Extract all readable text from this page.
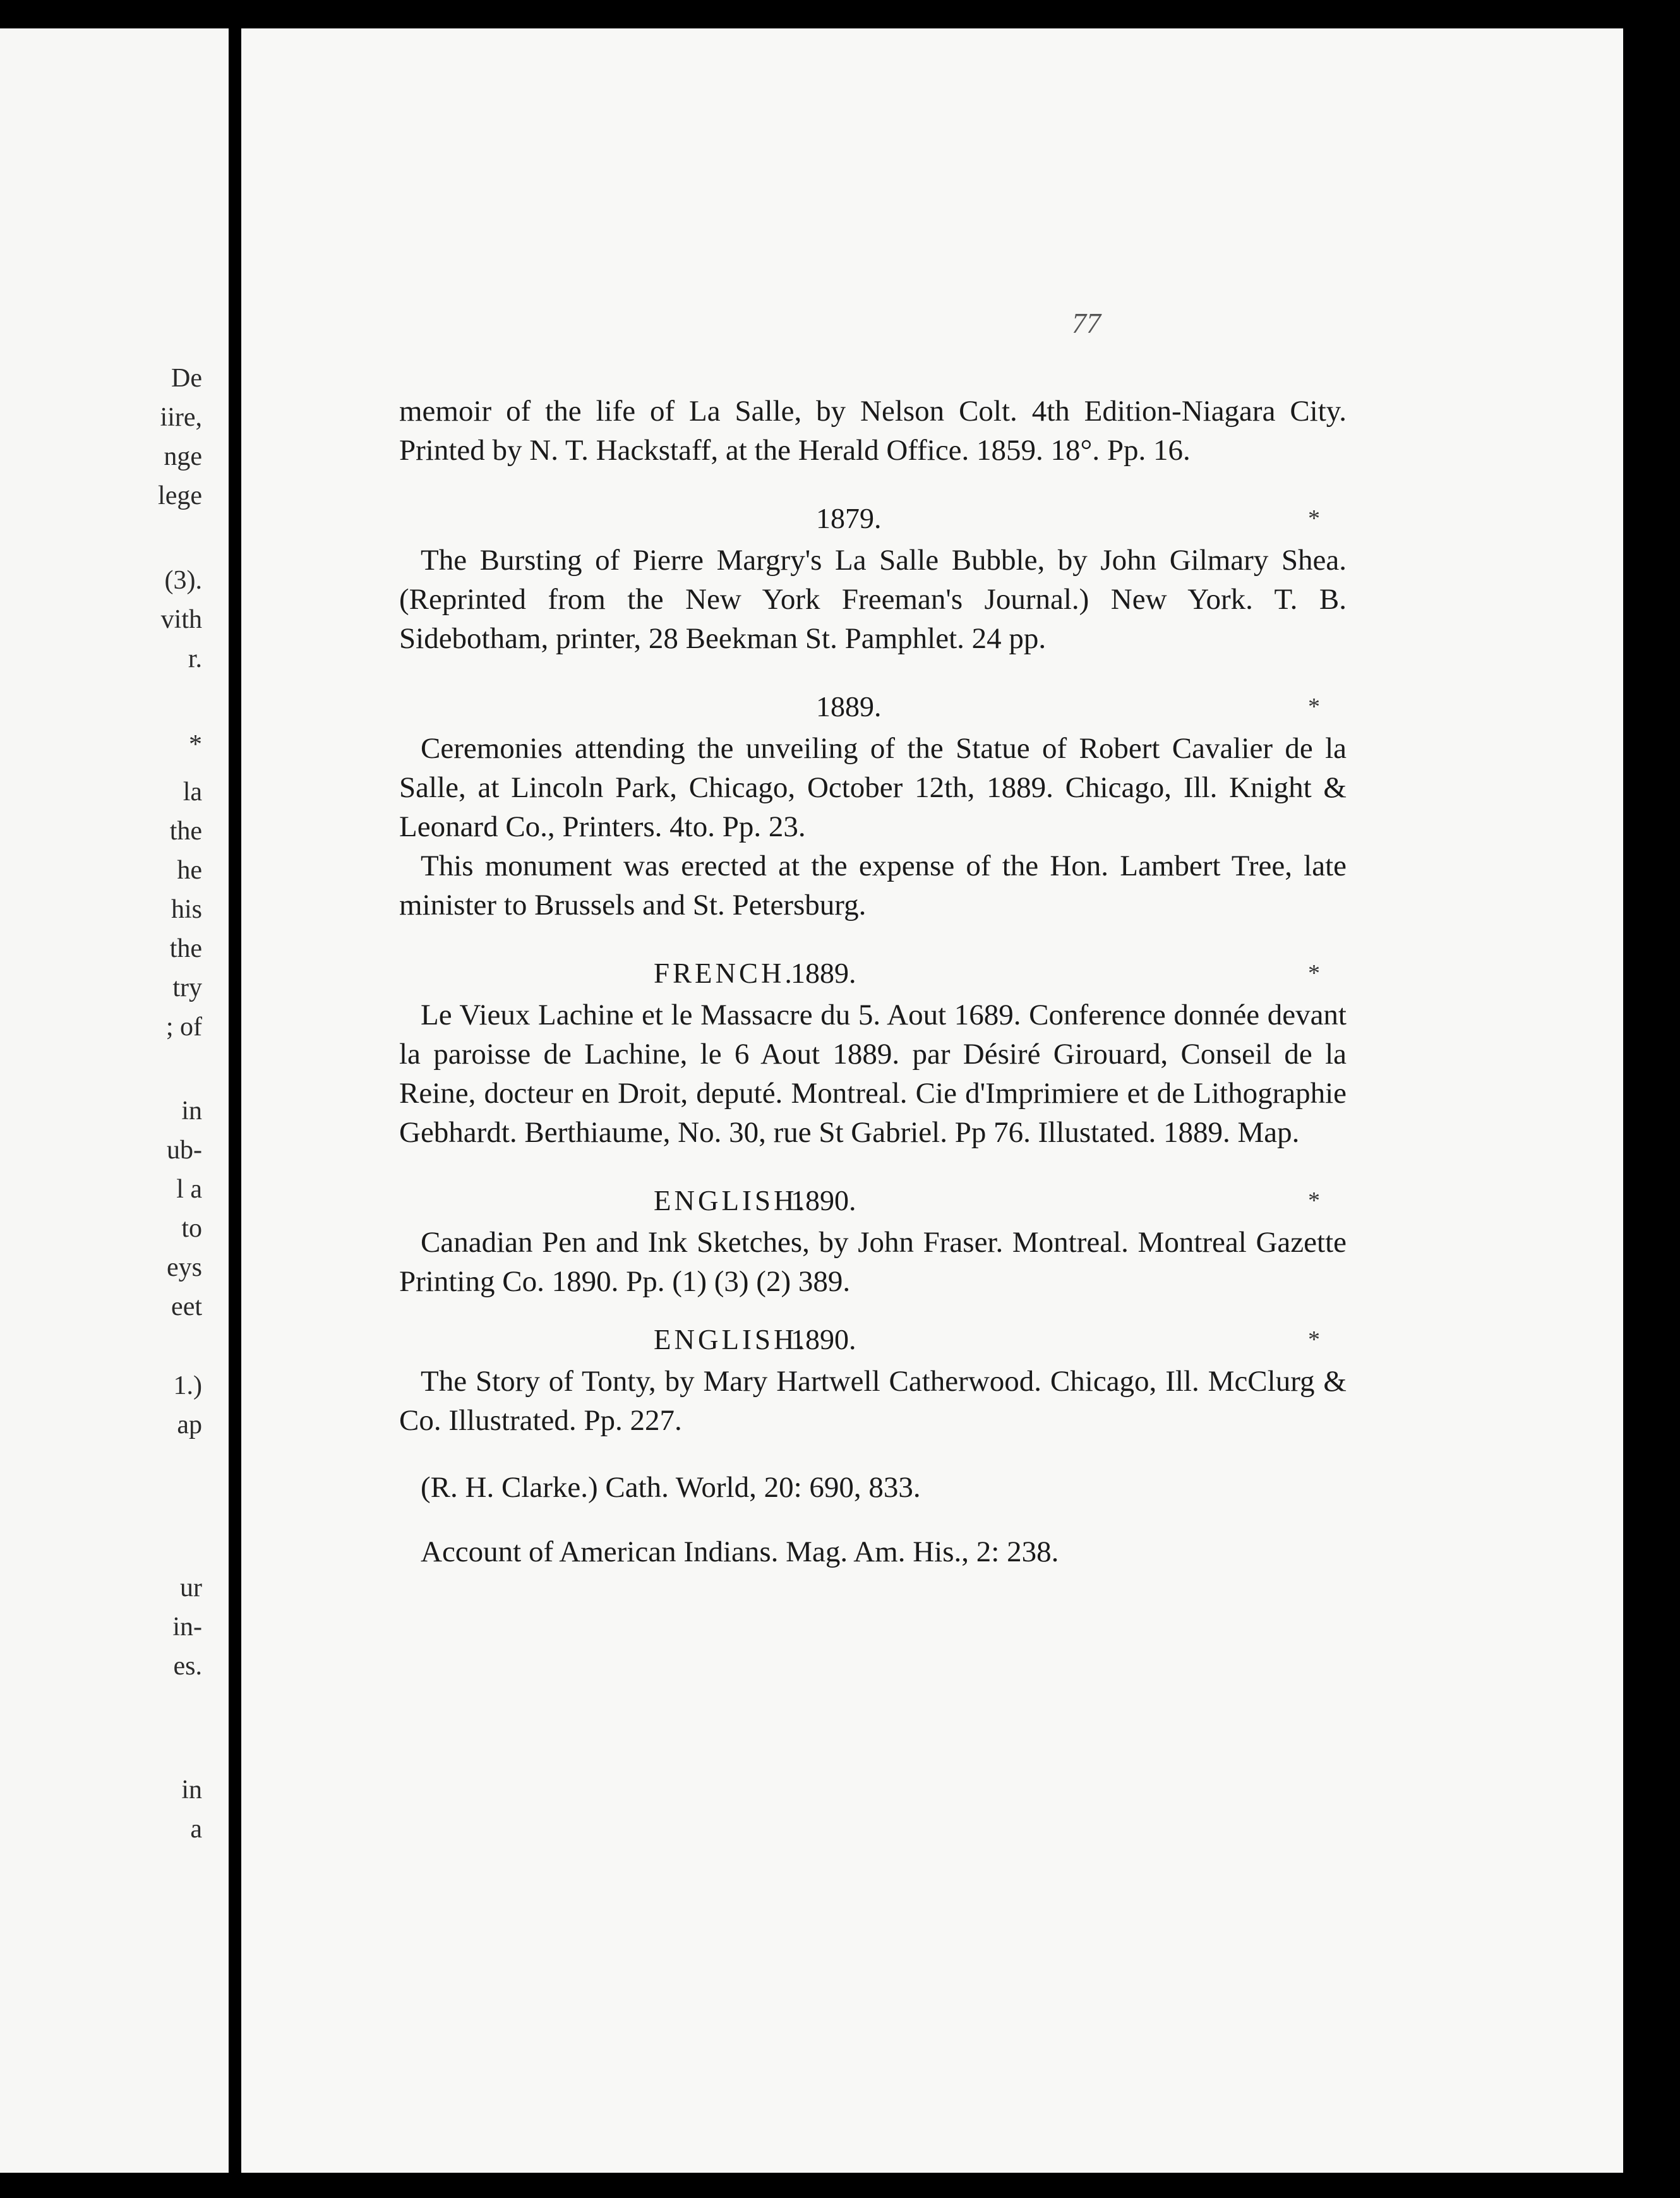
De
iire,
nge
lege
(3).
vith
r.
*
la
the
he
his
the
try
; of
in
ub-
l a
to
eys
eet
1.)
ap
ur
in-
es.
in
a
77

memoir of the life of La Salle, by Nelson Colt. 4th Edition-Niagara City. Printed by N. T. Hackstaff, at the Herald Office. 1859. 18°. Pp. 16.

1879.	*

The Bursting of Pierre Margry's La Salle Bubble, by John Gilmary Shea. (Reprinted from the New York Freeman's Journal.) New York. T. B. Sidebotham, printer, 28 Beekman St. Pamphlet. 24 pp.

1889.	*

Ceremonies attending the unveiling of the Statue of Robert Cavalier de la Salle, at Lincoln Park, Chicago, October 12th, 1889. Chicago, Ill. Knight & Leonard Co., Printers. 4to. Pp. 23.

This monument was erected at the expense of the Hon. Lambert Tree, late minister to Brussels and St. Petersburg.

FRENCH.
1889.	*

Le Vieux Lachine et le Massacre du 5. Aout 1689. Conference donnée devant la paroisse de Lachine, le 6 Aout 1889. par Désiré Girouard, Conseil de la Reine, docteur en Droit, deputé. Montreal. Cie d'Imprimiere et de Lithographie Gebhardt. Berthiaume, No. 30, rue St Gabriel. Pp 76. Illustated. 1889. Map.

ENGLISH.
1890.	*

Canadian Pen and Ink Sketches, by John Fraser. Montreal. Montreal Gazette Printing Co. 1890. Pp. (1) (3) (2) 389.

ENGLISH.
1890.	*

The Story of Tonty, by Mary Hartwell Catherwood. Chicago, Ill. McClurg & Co. Illustrated. Pp. 227.

(R. H. Clarke.) Cath. World, 20: 690, 833.

Account of American Indians. Mag. Am. His., 2: 238.
